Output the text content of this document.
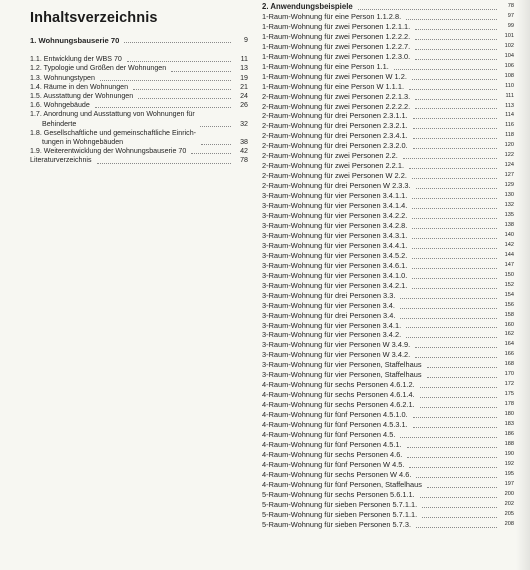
Inhaltsverzeichnis
1. Wohnungsbauserie 70	9
1.1. Entwicklung der WBS 70	11
1.2. Typologie und Größen der Wohnungen	13
1.3. Wohnungstypen	19
1.4. Räume in den Wohnungen	21
1.5. Ausstattung der Wohnungen	24
1.6. Wohngebäude	26
1.7. Anordnung und Ausstattung von Wohnungen für
Behinderte	32
1.8. Gesellschaftliche und gemeinschaftliche Einrich-
tungen in Wohngebäuden	38
1.9. Weiterentwicklung der Wohnungsbauserie 70	42
Literaturverzeichnis	78
2. Anwendungsbeispiele	78
1-Raum-Wohnung für eine Person 1.1.2.8.	97
1-Raum-Wohnung für zwei Personen 1.2.1.1.	99
1-Raum-Wohnung für zwei Personen 1.2.2.2.	101
1-Raum-Wohnung für zwei Personen 1.2.2.7.	102
1-Raum-Wohnung für zwei Personen 1.2.3.0.	104
1-Raum-Wohnung für eine Person 1.1.	106
1-Raum-Wohnung für zwei Personen W 1.2.	108
1-Raum-Wohnung für eine Person W 1.1.1.	110
2-Raum-Wohnung für zwei Personen 2.2.1.3.	111
2-Raum-Wohnung für zwei Personen 2.2.2.2.	113
2-Raum-Wohnung für drei Personen 2.3.1.1.	114
2-Raum-Wohnung für drei Personen 2.3.2.1.	116
2-Raum-Wohnung für drei Personen 2.3.4.1.	118
2-Raum-Wohnung für drei Personen 2.3.2.0.	120
2-Raum-Wohnung für zwei Personen 2.2.	122
2-Raum-Wohnung für zwei Personen 2.2.1.	124
2-Raum-Wohnung für zwei Personen W 2.2.	127
2-Raum-Wohnung für drei Personen W 2.3.3.	129
3-Raum-Wohnung für vier Personen 3.4.1.1.	130
3-Raum-Wohnung für vier Personen 3.4.1.4.	132
3-Raum-Wohnung für vier Personen 3.4.2.2.	135
3-Raum-Wohnung für vier Personen 3.4.2.8.	138
3-Raum-Wohnung für vier Personen 3.4.3.1.	140
3-Raum-Wohnung für vier Personen 3.4.4.1.	142
3-Raum-Wohnung für vier Personen 3.4.5.2.	144
3-Raum-Wohnung für vier Personen 3.4.6.1.	147
3-Raum-Wohnung für vier Personen 3.4.1.0.	150
3-Raum-Wohnung für vier Personen 3.4.2.1.	152
3-Raum-Wohnung für drei Personen 3.3.	154
3-Raum-Wohnung für vier Personen 3.4.	156
3-Raum-Wohnung für drei Personen 3.4.	158
3-Raum-Wohnung für vier Personen 3.4.1.	160
3-Raum-Wohnung für vier Personen 3.4.2.	162
3-Raum-Wohnung für vier Personen W 3.4.9.	164
3-Raum-Wohnung für vier Personen W 3.4.2.	166
3-Raum-Wohnung für vier Personen, Staffelhaus	168
3-Raum-Wohnung für vier Personen, Staffelhaus	170
4-Raum-Wohnung für sechs Personen 4.6.1.2.	172
4-Raum-Wohnung für sechs Personen 4.6.1.4.	175
4-Raum-Wohnung für sechs Personen 4.6.2.1.	178
4-Raum-Wohnung für fünf Personen 4.5.1.0.	180
4-Raum-Wohnung für fünf Personen 4.5.3.1.	183
4-Raum-Wohnung für fünf Personen 4.5.	186
4-Raum-Wohnung für fünf Personen 4.5.1.	188
4-Raum-Wohnung für sechs Personen 4.6.	190
4-Raum-Wohnung für fünf Personen W 4.5.	192
4-Raum-Wohnung für sechs Personen W 4.6.	195
4-Raum-Wohnung für fünf Personen, Staffelhaus	197
5-Raum-Wohnung für sechs Personen 5.6.1.1.	200
5-Raum-Wohnung für sieben Personen 5.7.1.1.	202
5-Raum-Wohnung für sieben Personen 5.7.1.1.	205
5-Raum-Wohnung für sieben Personen 5.7.3.	208
